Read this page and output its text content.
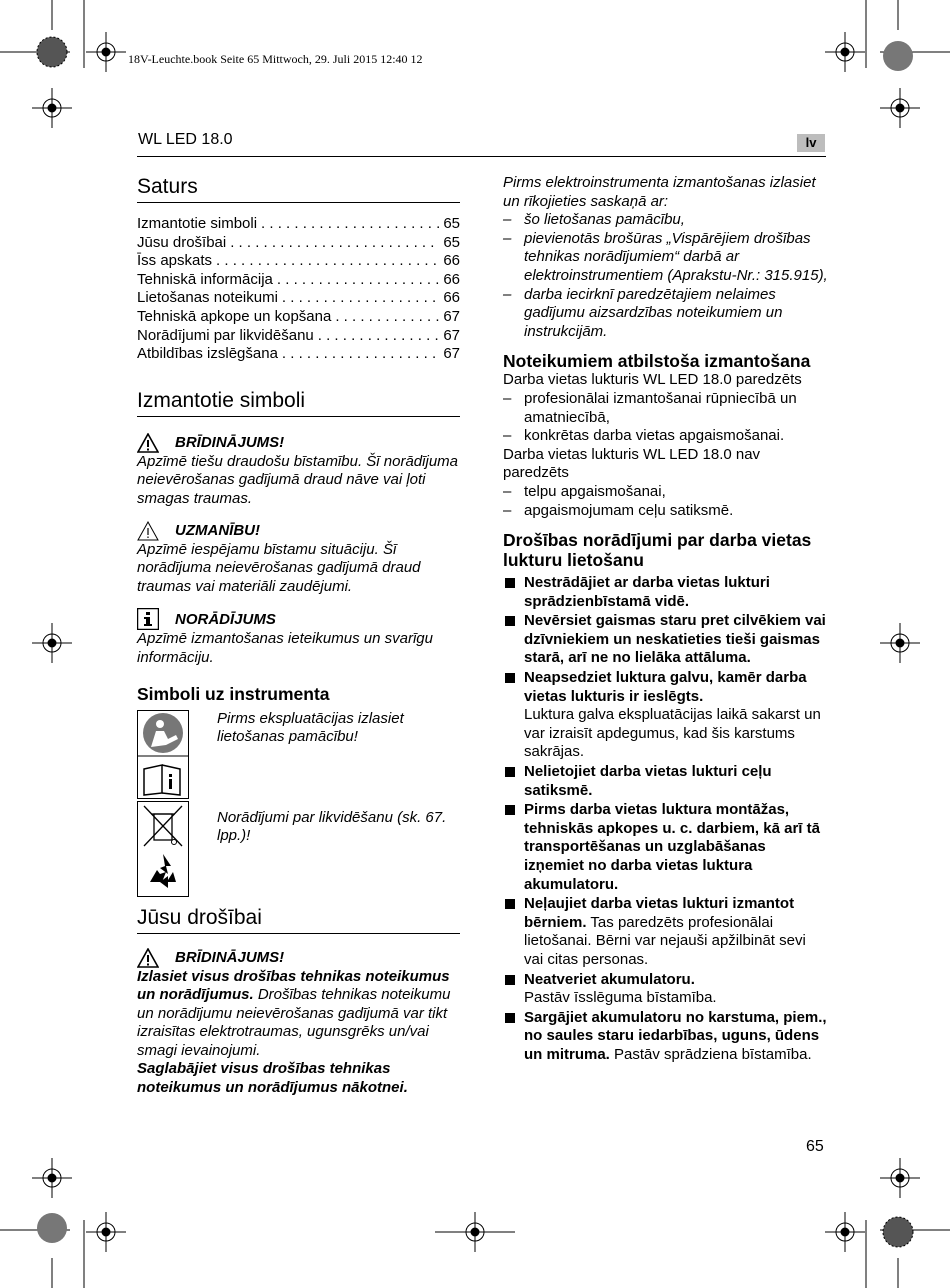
18V-Leuchte.book Seite 65 Mittwoch, 29. Juli 2015 12:40 12
WL LED 18.0	lv
Saturs
Izmantotie simboli . . .	65
Jūsu drošībai . . .	65
Īss apskats . . .	66
Tehniskā informācija . . .	66
Lietošanas noteikumi . . .	66
Tehniskā apkope un kopšana . . .	67
Norādījumi par likvidēšanu . . .	67
Atbildības izslēgšana . . .	67
Izmantotie simboli
BRĪDINĀJUMS!

Apzīmē tiešu draudošu bīstamību. Šī norādījuma neievērošanas gadījumā draud nāve vai ļoti smagas traumas.

UZMANĪBU!

Apzīmē iespējamu bīstamu situāciju. Šī norādījuma neievērošanas gadījumā draud traumas vai materiāli zaudējumi.

NORĀDĪJUMS

Apzīmē izmantošanas ieteikumus un svarīgu informāciju.

Simboli uz instrumenta
Pirms ekspluatācijas izlasiet lietošanas pamācību!
Norādījumi par likvidēšanu (sk. 67. lpp.)!
Jūsu drošībai
BRĪDINĀJUMS!

Izlasiet visus drošības tehnikas noteikumus un norādījumus. Drošības tehnikas noteikumu un norādījumu neievērošanas gadījumā var tikt izraisītas elektrotraumas, ugunsgrēks un/vai smagi ievainojumi.

Saglabājiet visus drošības tehnikas noteikumus un norādījumus nākotnei.

Pirms elektroinstrumenta izmantošanas izlasiet un rīkojieties saskaņā ar:

– šo lietošanas pamācību,
– pievienotās brošūras „Vispārējiem drošības tehnikas norādījumiem“ darbā ar elektroinstrumentiem (Aprakstu-Nr.: 315.915),
– darba iecirknī paredzētajiem nelaimes gadījumu aizsardzības noteikumiem un instrukcijām.
Noteikumiem atbilstoša izmantošana

Darba vietas lukturis WL LED 18.0 paredzēts

– profesionālai izmantošanai rūpniecībā un amatniecībā,
– konkrētas darba vietas apgaismošanai.

Darba vietas lukturis WL LED 18.0 nav paredzēts

– telpu apgaismošanai,
– apgaismojumam ceļu satiksmē.
Drošības norādījumi par darba vietas lukturu lietošanu
Nestrādājiet ar darba vietas lukturi sprādzienbīstamā vidē.
Nevērsiet gaismas staru pret cilvēkiem vai dzīvniekiem un neskatieties tieši gaismas starā, arī ne no lielāka attāluma.
Neapsedziet luktura galvu, kamēr darba vietas lukturis ir ieslēgts.
Luktura galva ekspluatācijas laikā sakarst un var izraisīt apdegumus, kad šis karstums sakrājas.
Nelietojiet darba vietas lukturi ceļu satiksmē.
Pirms darba vietas luktura montāžas, tehniskās apkopes u. c. darbiem, kā arī tā transportēšanas un uzglabāšanas izņemiet no darba vietas luktura akumulatoru.
Neļaujiet darba vietas lukturi izmantot bērniem. Tas paredzēts profesionālai lietošanai. Bērni var nejauši apžilbināt sevi vai citas personas.
Neatveriet akumulatoru.
Pastāv īsslēguma bīstamība.
Sargājiet akumulatoru no karstuma, piem., no saules staru iedarbības, uguns, ūdens un mitruma. Pastāv sprādziena bīstamība.
65
